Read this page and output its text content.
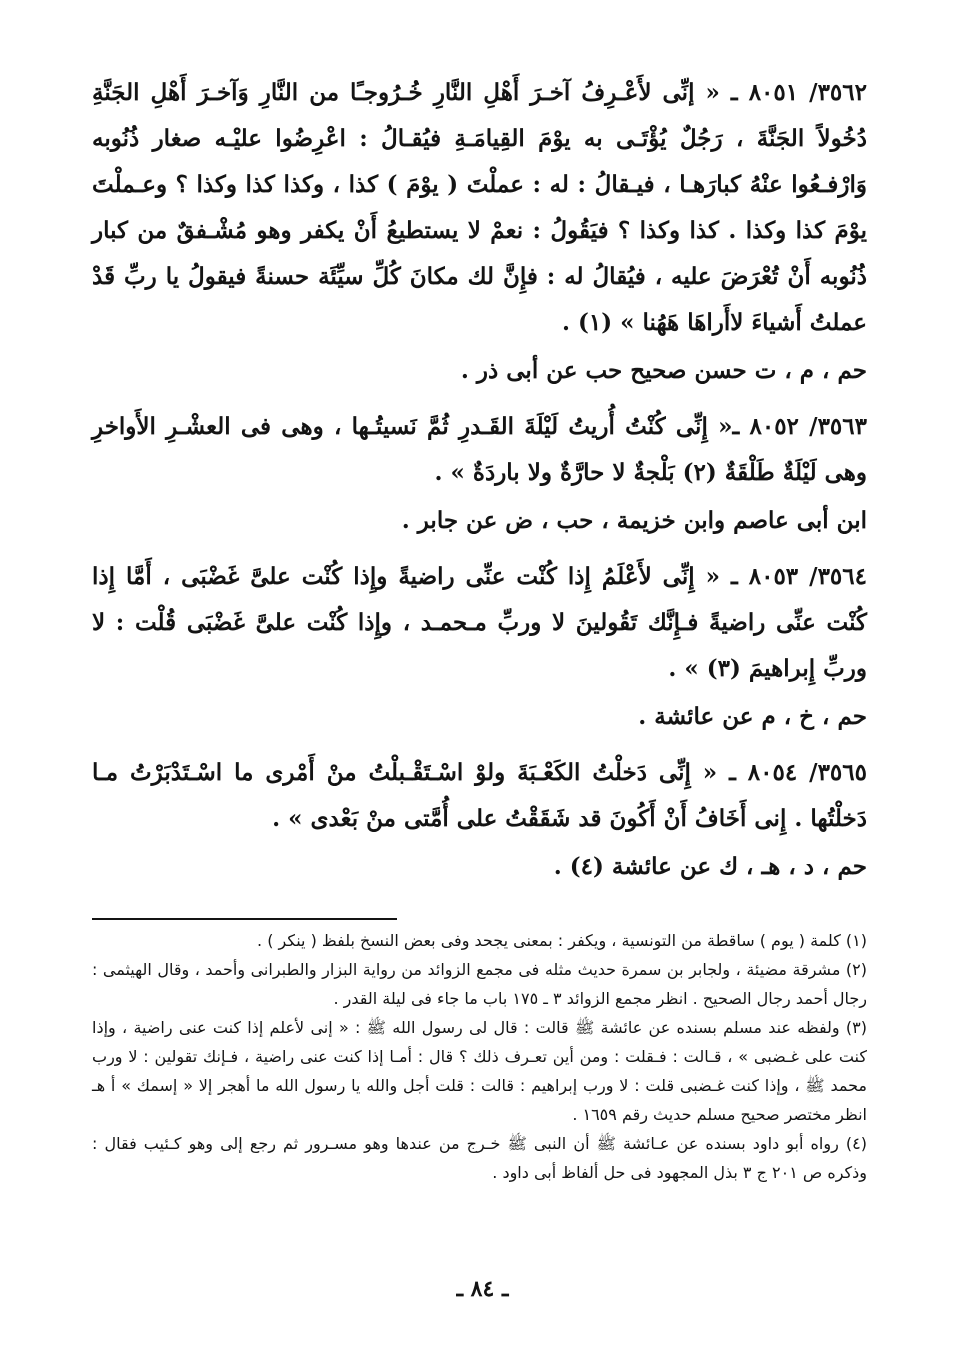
٣٥٦٢/ ٨٠٥١ ـ « إنِّى لأَعْـرِفُ آخـرَ أَهْلِ النَّارِ خُـرُوجـًا من النَّارِ وَآخـرَ أَهْلِ الجَنَّةِ دُخُولاً الجَنَّةَ ، رَجُلٌ يُؤْتَـى به يوْمَ القِيامَـةِ فيُقـالُ : اعْرِضُوا عليْـه صغار ذُنُوبه وَارْفـعُوا عنْهُ كبارَهـا ، فيـقالُ : له : عملْتَ ( يوْمَ ) كذا ، وكذا كذا وكذا ؟ وعـملْتَ يوْمَ كذا وكذا . كذا وكذا ؟ فيَقُولُ : نعمْ لا يستطيعُ أَنْ يكفر وهو مُشْـفقٌ من كبار ذُنُوبه أَنْ تُعْرَضَ عليه ، فيُقالُ له : فإِنَّ لك مكانَ كُلِّ سيِّئَة حسنةً فيقولُ يا ربِّ قَدْ عملتُ أَشياءَ لاأَراهَا هَهُنا » (١) .

حم ، م ، ت حسن صحيح حب عن أبى ذر .

٣٥٦٣/ ٨٠٥٢ ـ« إِنِّى كُنْتُ أُريتُ لَيْلَةَ القَـدرِ ثُمَّ نَسيتُـها ، وهى فى العشْـرِ الأَواخرِ وهى لَيْلَةٌ طَلْقَةٌ (٢) بَلْجةٌ لا حارَّةٌ ولا باردَةٌ » .

ابن أبى عاصم وابن خزيمة ، حب ، ض عن جابر .

٣٥٦٤/ ٨٠٥٣ ـ « إِنِّى لأَعْلَمُ إِذا كُنْت عنِّى راضيةً وإِذا كُنْت علىَّ غَضْبَى ، أَمَّا إِذا كُنْت عنِّى راضيةً فـإِنَّك تَقُولينَ لا وربِّ مـحمـد ، وإِذا كُنْت علىَّ غَضْبَى قُلْت : لا وربِّ إِبراهيمَ (٣) » .

حم ، خ ، م عن عائشة .

٣٥٦٥/ ٨٠٥٤ ـ « إِنِّى دَخلْتُ الكَعْـبَةَ ولوْ اسْـتَقْـبلْتُ منْ أَمْرى ما اسْـتَدْبَرْتُ مـا دَخلْتُها . إِنى أَخَافُ أَنْ أَكُونَ قد شَقَقْتُ على أُمَّتى منْ بَعْدى » .

حم ، د ، هـ ، ك عن عائشة (٤) .

(١) كلمة ( يوم ) ساقطة من التونسية ، ويكفر : بمعنى يجحد وفى بعض النسخ بلفظ ( ينكر ) .

(٢) مشرقة مضيئة ، ولجابر بن سمرة حديث مثله فى مجمع الزوائد من رواية البزار والطبرانى وأحمد ، وقال الهيثمى : رجال أحمد رجال الصحيح . انظر مجمع الزوائد ٣ ـ ١٧٥ باب ما جاء فى ليلة القدر .

(٣) ولفظه عند مسلم بسنده عن عائشة ﷺ قالت : قال لى رسول الله ﷺ : « إنى لأعلم إذا كنت عنى راضية ، وإذا كنت على غـضبى » ، قـالت : فـقلت : ومن أين تعـرف ذلك ؟ قال : أمـا إذا كنت عنى راضية ، فـإنك تقولين : لا ورب محمد ﷺ ، وإذا كنت غـضبى قلت : لا ورب إبراهيم : قالت : قلت أجل والله يا رسول الله ما أهجر إلا « إسمك » أ هـ انظر مختصر صحيح مسلم حديث رقم ١٦٥٩ .

(٤) رواه أبو داود بسنده عن عـائشة ﷺ أن النبى ﷺ خـرج من عندها وهو مسـرور ثم رجع إلى وهو كـئيب فقال : وذكره ص ٢٠١ ج ٣ بذل المجهود فى حل ألفاظ أبى داود .

ـ ٨٤ ـ
